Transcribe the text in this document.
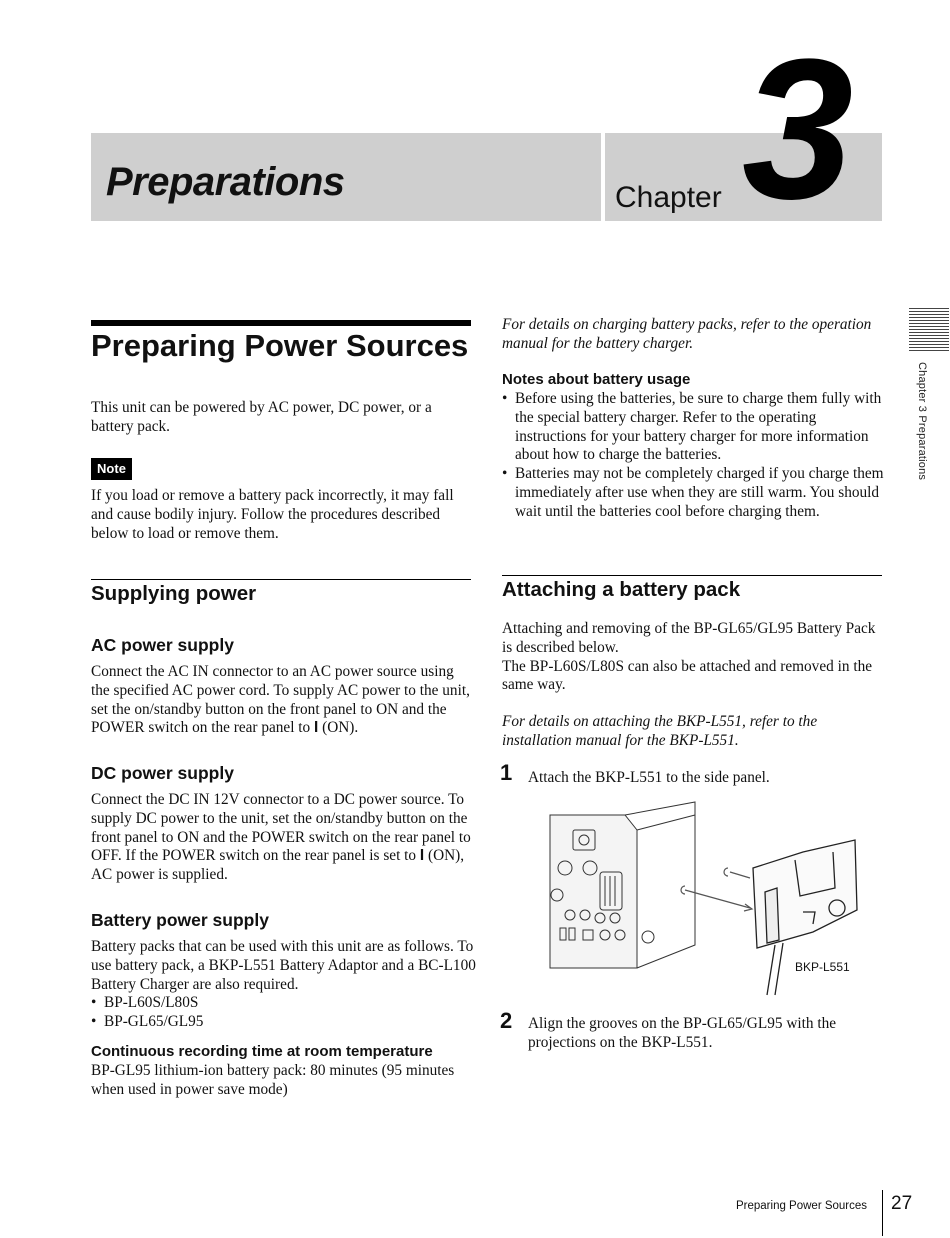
Preparations	Chapter 3
Chapter 3 Preparations
Preparing Power Sources
This unit can be powered by AC power, DC power, or a battery pack.
Note
If you load or remove a battery pack incorrectly, it may fall and cause bodily injury. Follow the procedures described below to load or remove them.
Supplying power
AC power supply
Connect the AC IN connector to an AC power source using the specified AC power cord. To supply AC power to the unit, set the on/standby button on the front panel to ON and the POWER switch on the rear panel to I (ON).
DC power supply
Connect the DC IN 12V connector to a DC power source. To supply DC power to the unit, set the on/standby button on the front panel to ON and the POWER switch on the rear panel to OFF. If the POWER switch on the rear panel is set to I (ON), AC power is supplied.
Battery power supply
Battery packs that can be used with this unit are as follows. To use battery pack, a BKP-L551 Battery Adaptor and a BC-L100 Battery Charger are also required.
• BP-L60S/L80S
• BP-GL65/GL95
Continuous recording time at room temperature
BP-GL95 lithium-ion battery pack: 80 minutes (95 minutes when used in power save mode)
For details on charging battery packs, refer to the operation manual for the battery charger.
Notes about battery usage
• Before using the batteries, be sure to charge them fully with the special battery charger. Refer to the operating instructions for your battery charger for more information about how to charge the batteries.
• Batteries may not be completely charged if you charge them immediately after use when they are still warm. You should wait until the batteries cool before charging them.
Attaching a battery pack
Attaching and removing of the BP-GL65/GL95 Battery Pack is described below.
The BP-L60S/L80S can also be attached and removed in the same way.
For details on attaching the BKP-L551, refer to the installation manual for the BKP-L551.
1 Attach the BKP-L551 to the side panel.
BKP-L551
2 Align the grooves on the BP-GL65/GL95 with the projections on the BKP-L551.
Preparing Power Sources 27
